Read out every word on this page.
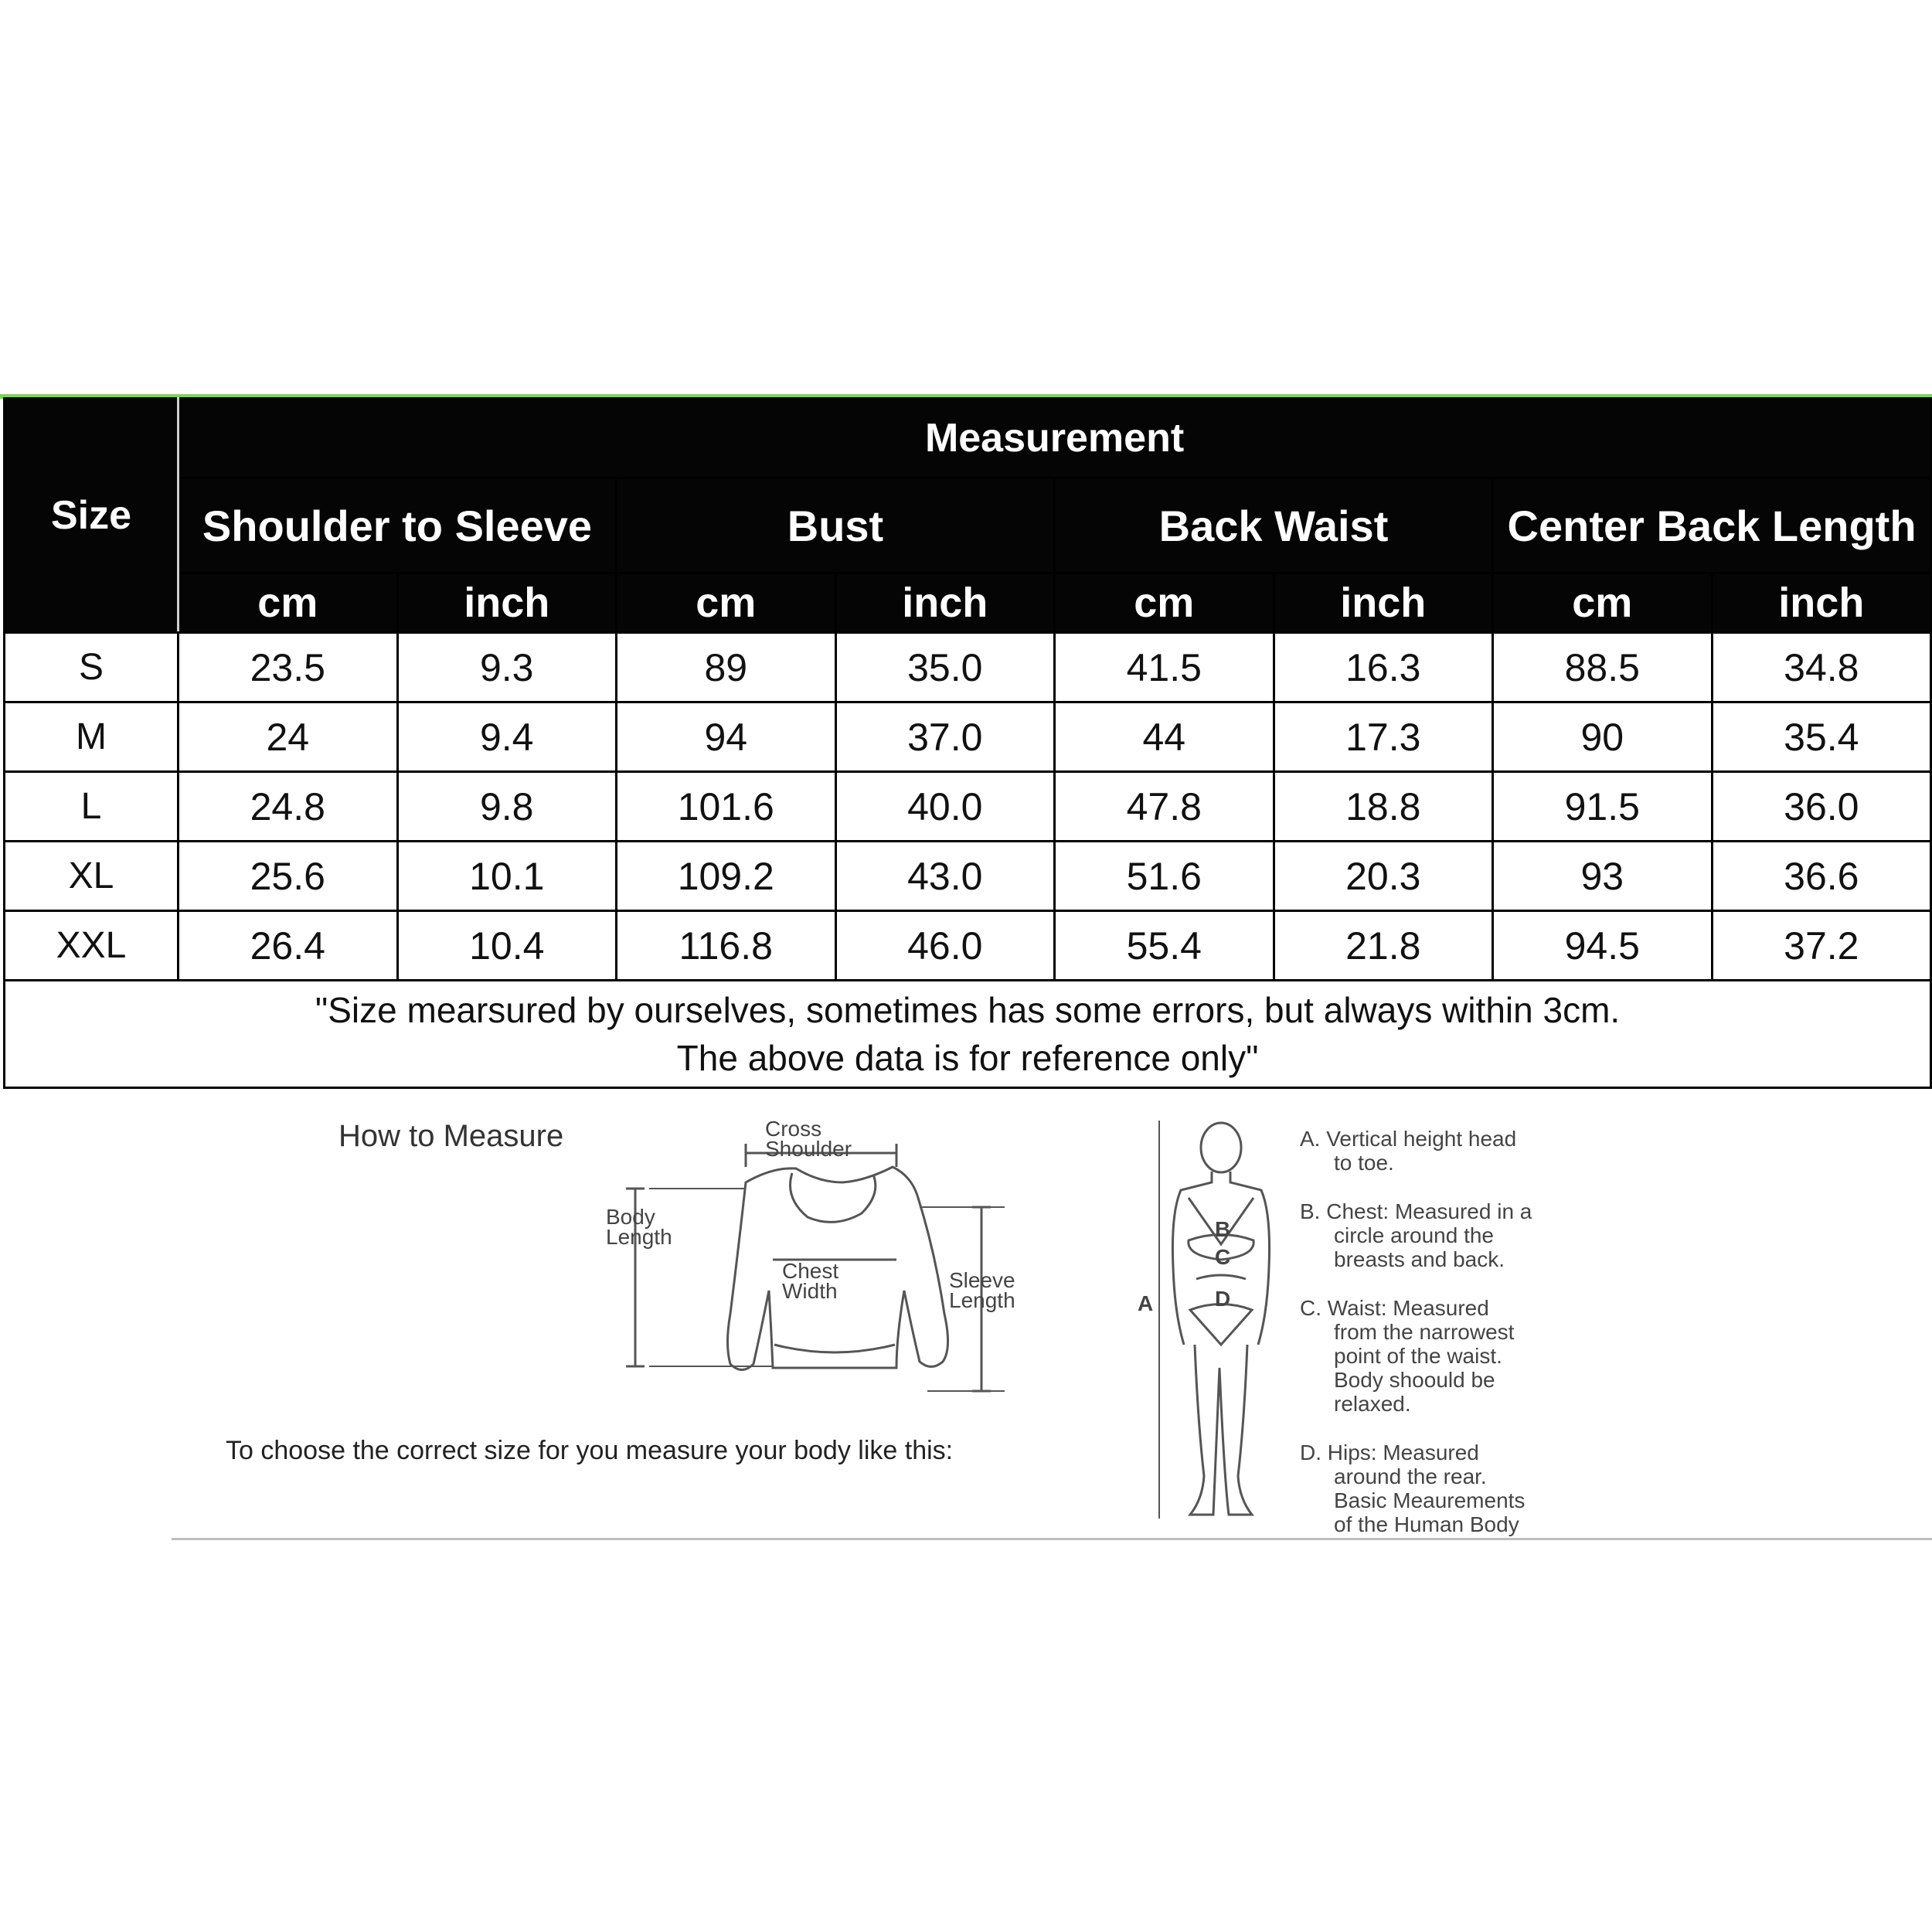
Size	Measurement							
	Shoulder to Sleeve		Bust		Back Waist		Center Back Length	
	cm	inch	cm	inch	cm	inch	cm	inch
S	23.5	9.3	89	35.0	41.5	16.3	88.5	34.8
M	24	9.4	94	37.0	44	17.3	90	35.4
L	24.8	9.8	101.6	40.0	47.8	18.8	91.5	36.0
XL	25.6	10.1	109.2	43.0	51.6	20.3	93	36.6
XXL	26.4	10.4	116.8	46.0	55.4	21.8	94.5	37.2

"Size mearsured by ourselves, sometimes has some errors, but always within 3cm.
The above data is for reference only"								
How to Measure	Cross
Shoulder
Body
Length
Chest
Width	Sleeve
Length	A
B
C
D
A. Vertical height head
to toe.
B. Chest: Measured in a
circle around the
breasts and back.
C. Waist: Measured
from the narrowest
point of the waist.
Body shoould be
relaxed.
D. Hips: Measured
around the rear.
Basic Meaurements
of the Human Body
To choose the correct size for you measure your body like this:
